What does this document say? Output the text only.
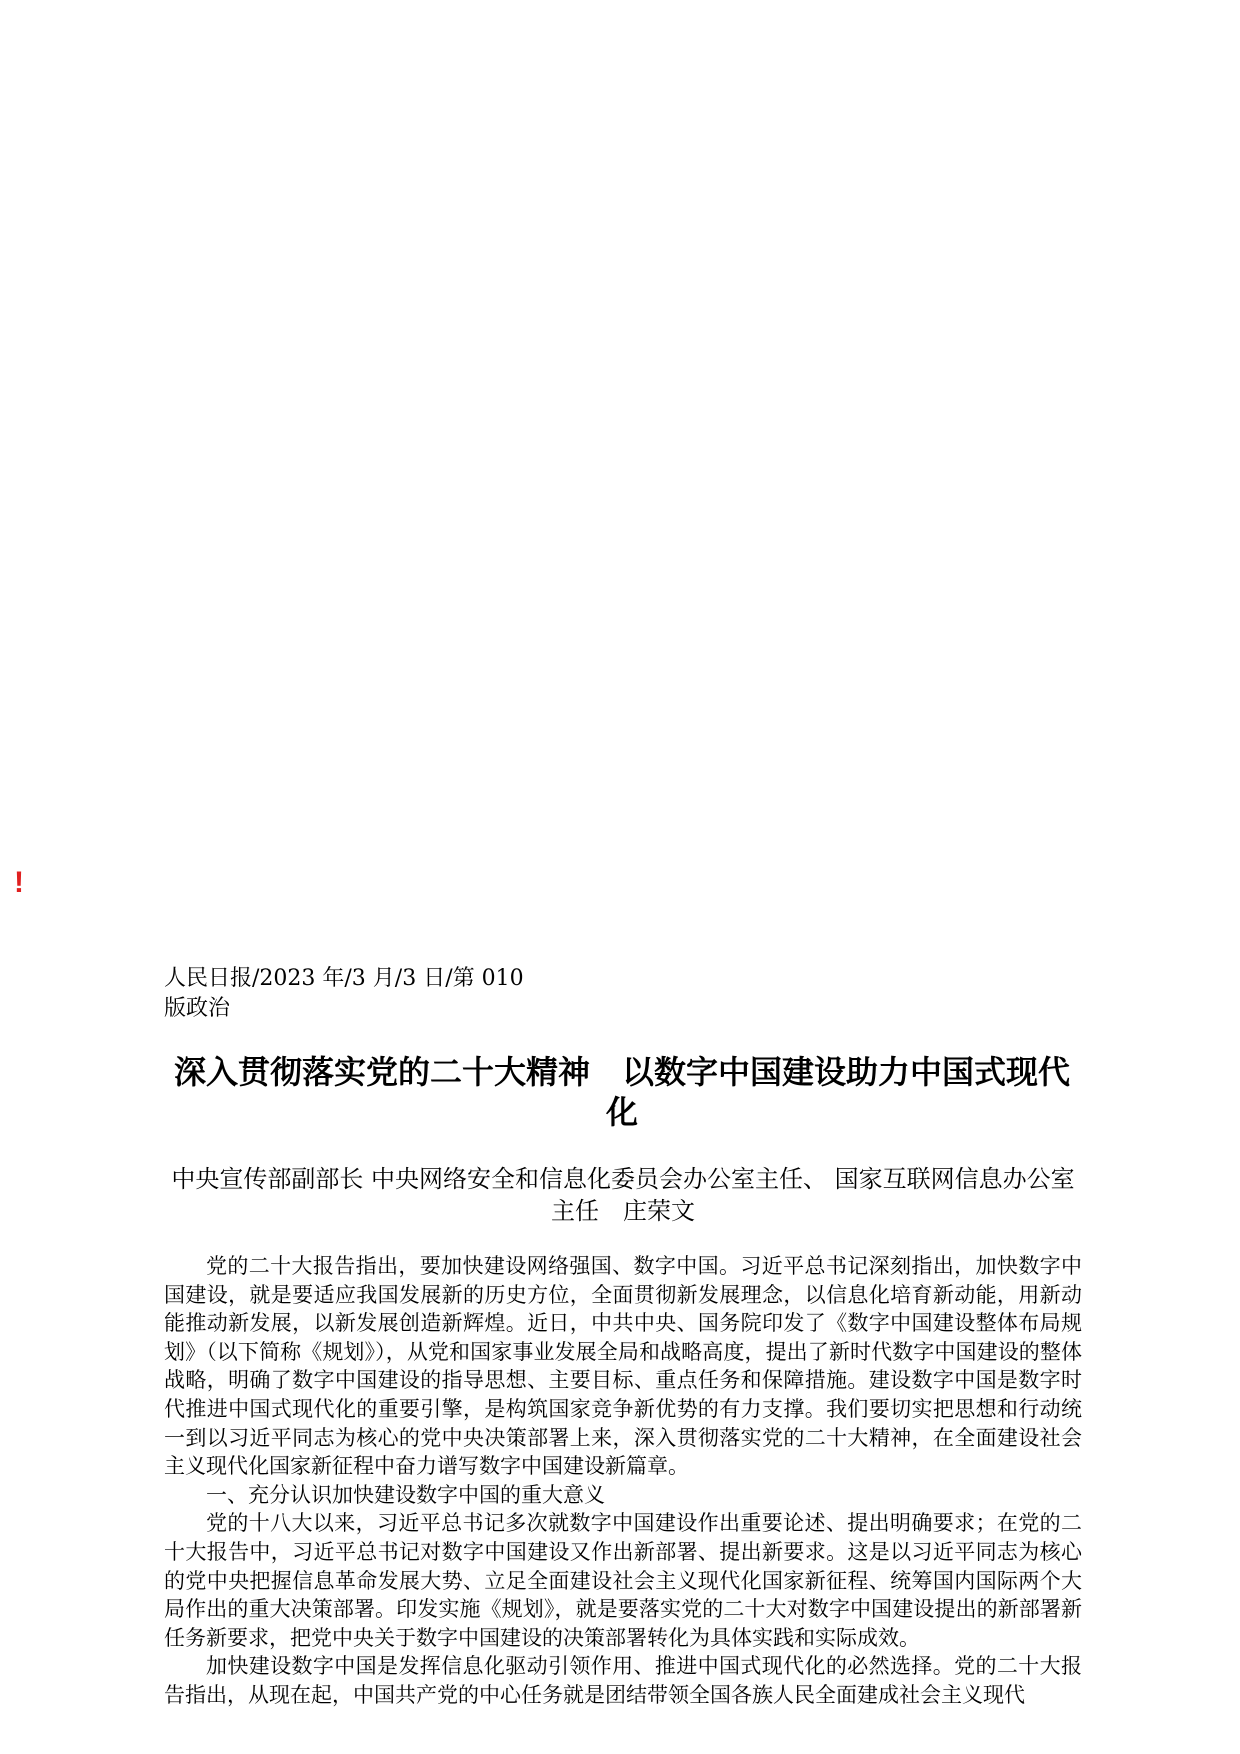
!
人民日报/2023 年/3 月/3 日/第 010
版政治
深入贯彻落实党的二十大精神　以数字中国建设助力中国式现代化

中央宣传部副部长 中央网络安全和信息化委员会办公室主任、 国家互联网信息办公室主任　庄荣文

党的二十大报告指出，要加快建设网络强国、数字中国。习近平总书记深刻指出，加快数字中国建设，就是要适应我国发展新的历史方位，全面贯彻新发展理念，以信息化培育新动能，用新动能推动新发展，以新发展创造新辉煌。近日，中共中央、国务院印发了《数字中国建设整体布局规划》（以下简称《规划》），从党和国家事业发展全局和战略高度，提出了新时代数字中国建设的整体战略，明确了数字中国建设的指导思想、主要目标、重点任务和保障措施。建设数字中国是数字时代推进中国式现代化的重要引擎，是构筑国家竞争新优势的有力支撑。我们要切实把思想和行动统一到以习近平同志为核心的党中央决策部署上来，深入贯彻落实党的二十大精神，在全面建设社会主义现代化国家新征程中奋力谱写数字中国建设新篇章。

一、充分认识加快建设数字中国的重大意义

党的十八大以来，习近平总书记多次就数字中国建设作出重要论述、提出明确要求；在党的二十大报告中，习近平总书记对数字中国建设又作出新部署、提出新要求。这是以习近平同志为核心的党中央把握信息革命发展大势、立足全面建设社会主义现代化国家新征程、统筹国内国际两个大局作出的重大决策部署。印发实施《规划》，就是要落实党的二十大对数字中国建设提出的新部署新任务新要求，把党中央关于数字中国建设的决策部署转化为具体实践和实际成效。

加快建设数字中国是发挥信息化驱动引领作用、推进中国式现代化的必然选择。党的二十大报告指出，从现在起，中国共产党的中心任务就是团结带领全国各族人民全面建成社会主义现代
